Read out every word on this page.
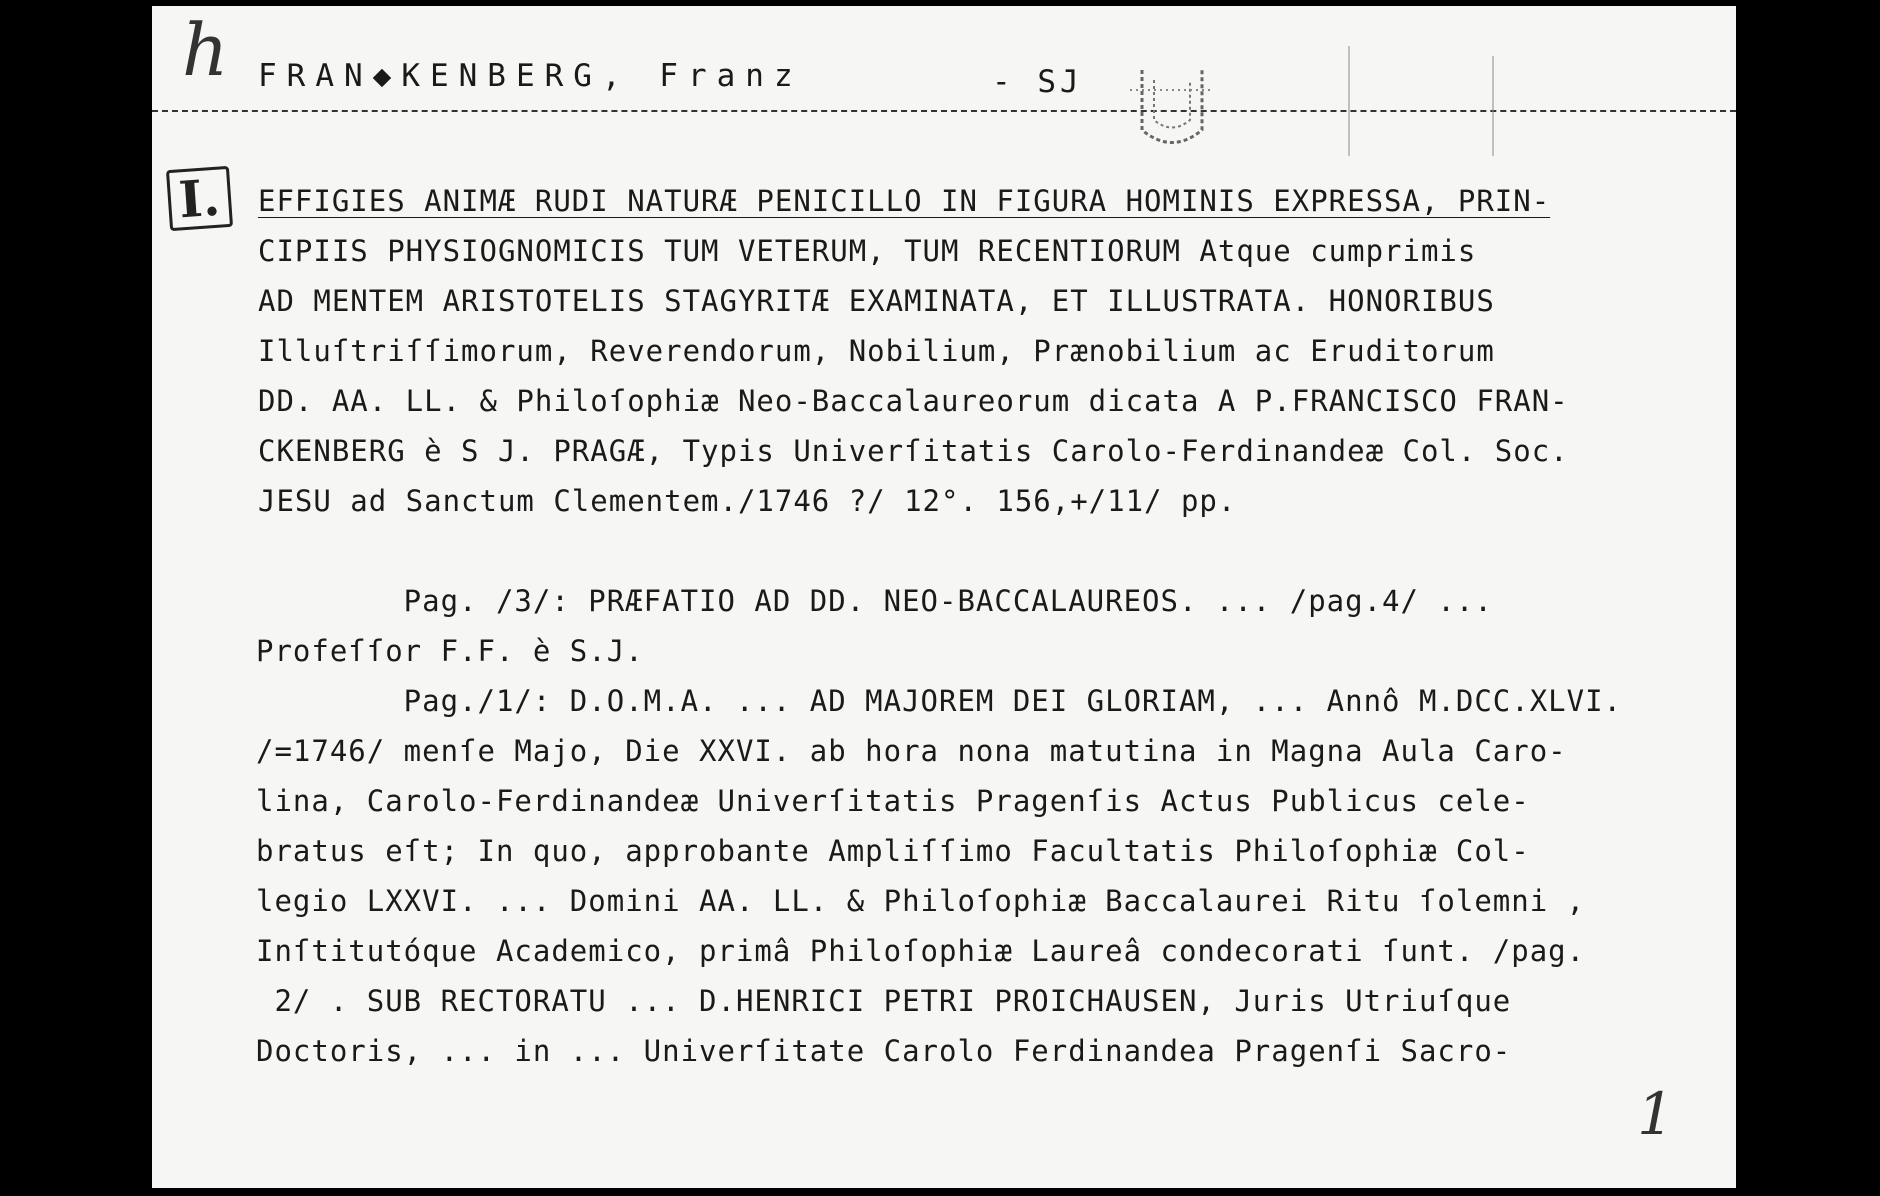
h FRAN◆KENBERG, Franz	- SJ
I.	EFFIGIES ANIMÆ RUDI NATURÆ PENICILLO IN FIGURA HOMINIS EXPRESSA, PRIN-
CIPIIS PHYSIOGNOMICIS TUM VETERUM, TUM RECENTIORUM Atque cumprimis
AD MENTEM ARISTOTELIS STAGYRITÆ EXAMINATA, ET ILLUSTRATA. HONORIBUS
Illuſtriſſimorum, Reverendorum, Nobilium, Prænobilium ac Eruditorum
DD. AA. LL. & Philoſophiæ Neo-Baccalaureorum dicata A P.FRANCISCO FRAN-
CKENBERG è S J. PRAGÆ, Typis Univerſitatis Carolo-Ferdinandeæ Col. Soc.
JESU ad Sanctum Clementem./1746 ?/ 12°. 156,+/11/ pp.
Pag. /3/: PRÆFATIO AD DD. NEO-BACCALAUREOS. ... /pag.4/ ...
Profeſſor F.F. è S.J.
Pag./1/: D.O.M.A. ... AD MAJOREM DEI GLORIAM, ... Annô M.DCC.XLVI.
/=1746/ menſe Majo, Die XXVI. ab hora nona matutina in Magna Aula Caro-
lina, Carolo-Ferdinandeæ Univerſitatis Pragenſis Actus Publicus cele-
bratus eſt; In quo, approbante Ampliſſimo Facultatis Philoſophiæ Col-
legio LXXVI. ... Domini AA. LL. & Philoſophiæ Baccalaurei Ritu ſolemni ,
Inſtitutóque Academico, primâ Philoſophiæ Laureâ condecorati ſunt. /pag.
2/ . SUB RECTORATU ... D.HENRICI PETRI PROICHAUSEN, Juris Utriuſque
Doctoris, ... in ... Univerſitate Carolo Ferdinandea Pragenſi Sacro-
1
